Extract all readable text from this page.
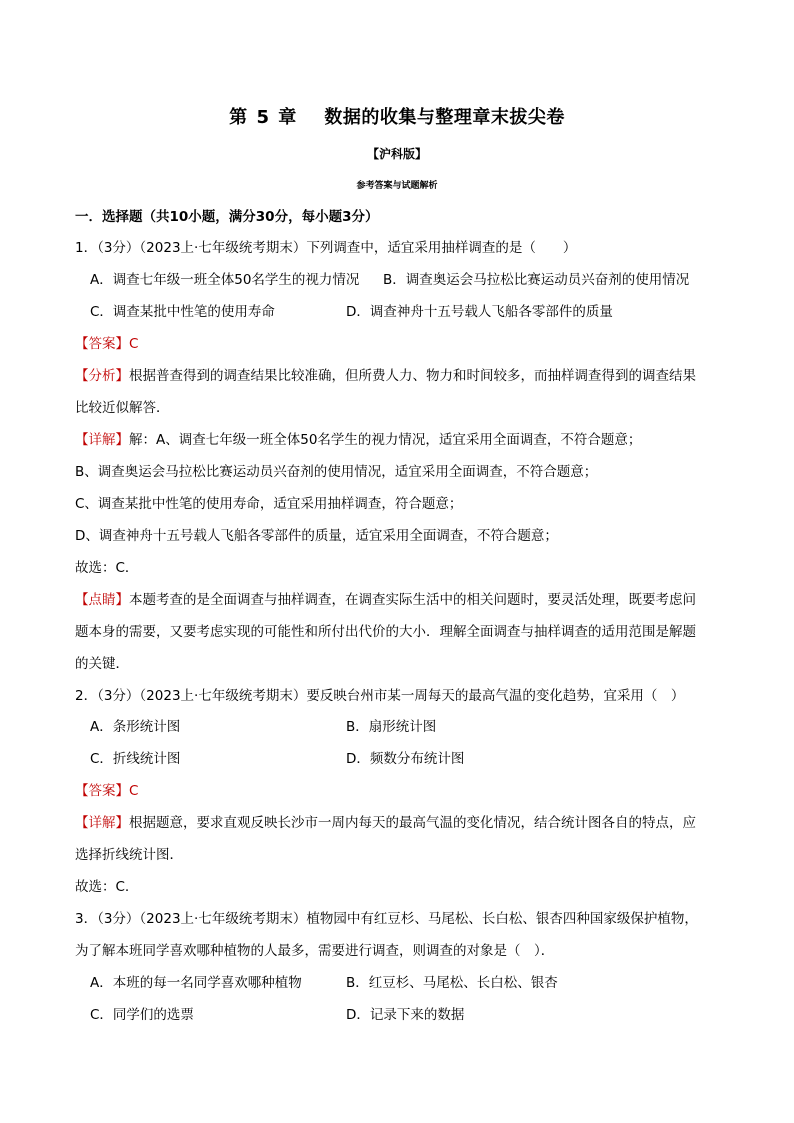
第 5 章 数据的收集与整理章末拔尖卷
【沪科版】
参考答案与试题解析
一．选择题（共10小题，满分30分，每小题3分）
1．（3分）（2023上·七年级统考期末）下列调查中，适宜采用抽样调查的是（　　）
A．调查七年级一班全体50名学生的视力情况 B．调查奥运会马拉松比赛运动员兴奋剂的使用情况
C．调查某批中性笔的使用寿命	D．调查神舟十五号载人飞船各零部件的质量
【答案】C
【分析】根据普查得到的调查结果比较准确，但所费人力、物力和时间较多，而抽样调查得到的调查结果
比较近似解答．
【详解】解：A、调查七年级一班全体50名学生的视力情况，适宜采用全面调查，不符合题意；
B、调查奥运会马拉松比赛运动员兴奋剂的使用情况，适宜采用全面调查，不符合题意；
C、调查某批中性笔的使用寿命，适宜采用抽样调查，符合题意；
D、调查神舟十五号载人飞船各零部件的质量，适宜采用全面调查，不符合题意；
故选：C．
【点睛】本题考查的是全面调查与抽样调查，在调查实际生活中的相关问题时，要灵活处理，既要考虑问
题本身的需要，又要考虑实现的可能性和所付出代价的大小．理解全面调查与抽样调查的适用范围是解题
的关键．
2．（3分）（2023上·七年级统考期末）要反映台州市某一周每天的最高气温的变化趋势，宜采用（　）
A．条形统计图	B．扇形统计图
C．折线统计图	D．频数分布统计图
【答案】C
【详解】根据题意，要求直观反映长沙市一周内每天的最高气温的变化情况，结合统计图各自的特点，应
选择折线统计图．
故选：C.
3．（3分）（2023上·七年级统考期末）植物园中有红豆杉、马尾松、长白松、银杏四种国家级保护植物，
为了解本班同学喜欢哪种植物的人最多，需要进行调查，则调查的对象是（　）．
A．本班的每一名同学喜欢哪种植物	B．红豆杉、马尾松、长白松、银杏
C．同学们的选票	D．记录下来的数据
